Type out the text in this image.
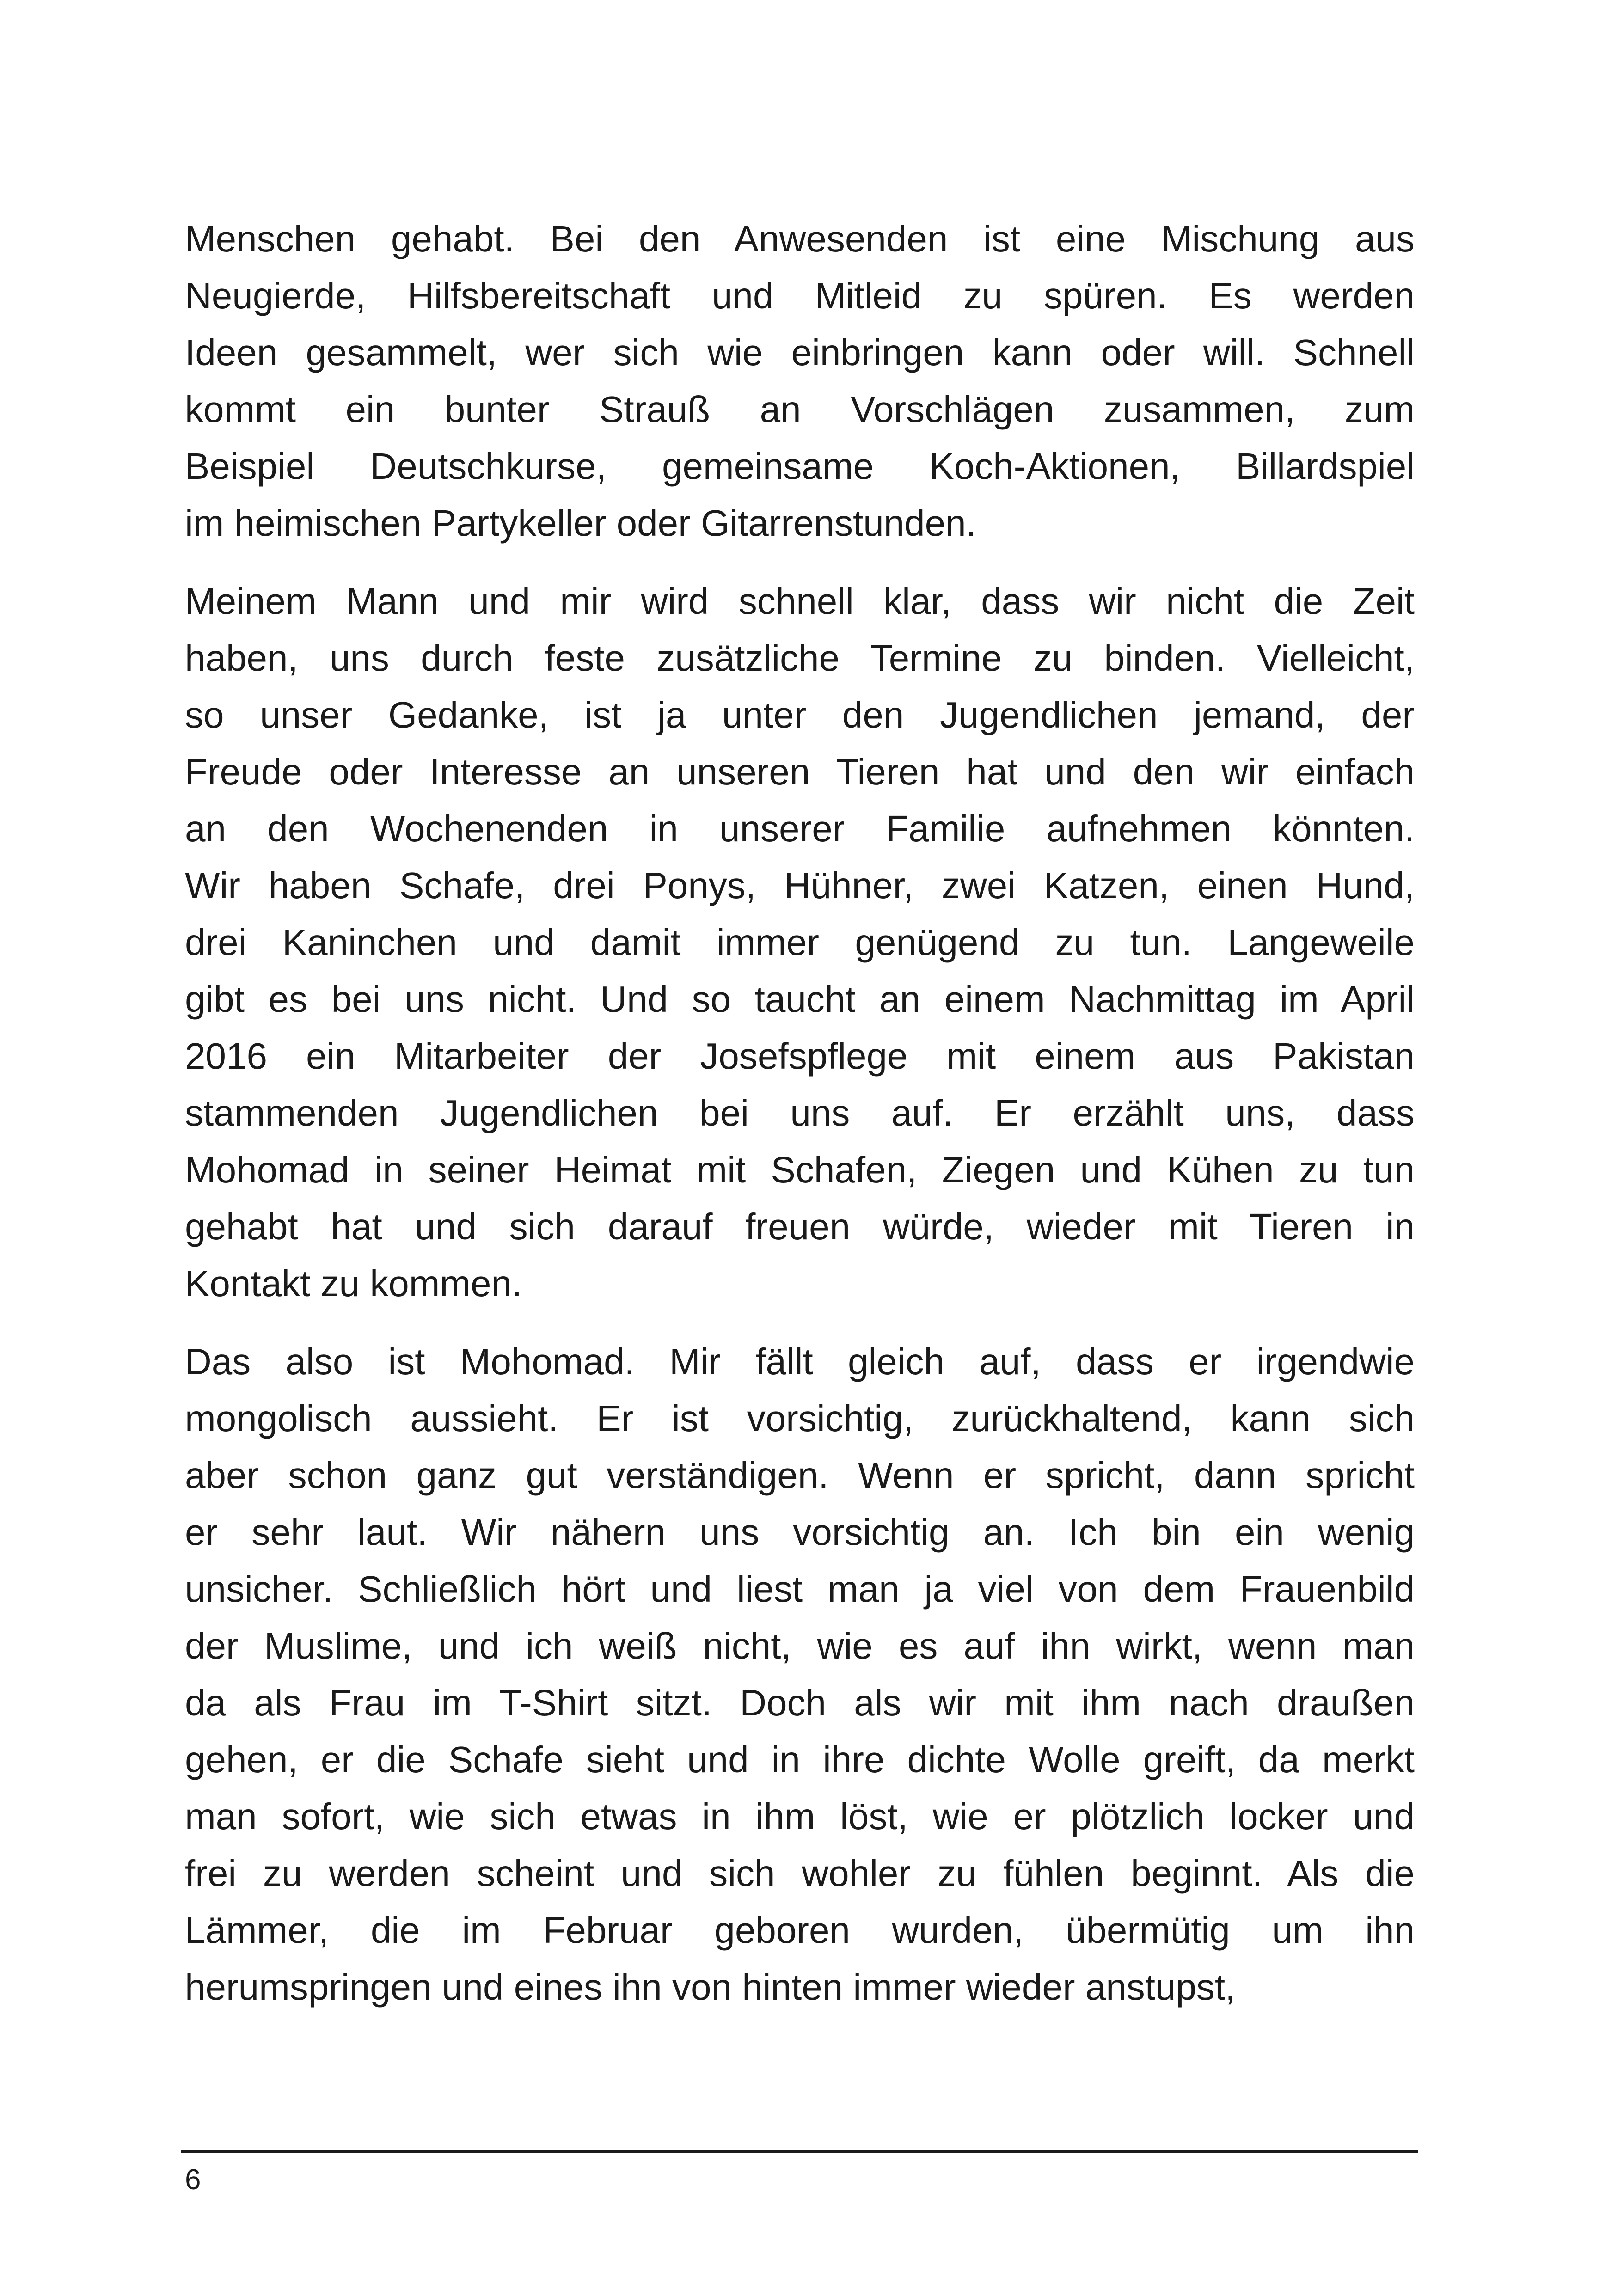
Menschen gehabt. Bei den Anwesenden ist eine Mischung aus
Neugierde, Hilfsbereitschaft und Mitleid zu spüren. Es werden
Ideen gesammelt, wer sich wie einbringen kann oder will. Schnell
kommt ein bunter Strauß an Vorschlägen zusammen, zum
Beispiel Deutschkurse, gemeinsame Koch-Aktionen, Billardspiel
im heimischen Partykeller oder Gitarrenstunden.
Meinem Mann und mir wird schnell klar, dass wir nicht die Zeit
haben, uns durch feste zusätzliche Termine zu binden. Vielleicht,
so unser Gedanke, ist ja unter den Jugendlichen jemand, der
Freude oder Interesse an unseren Tieren hat und den wir einfach
an den Wochenenden in unserer Familie aufnehmen könnten.
Wir haben Schafe, drei Ponys, Hühner, zwei Katzen, einen Hund,
drei Kaninchen und damit immer genügend zu tun. Langeweile
gibt es bei uns nicht. Und so taucht an einem Nachmittag im April
2016 ein Mitarbeiter der Josefspflege mit einem aus Pakistan
stammenden Jugendlichen bei uns auf. Er erzählt uns, dass
Mohomad in seiner Heimat mit Schafen, Ziegen und Kühen zu tun
gehabt hat und sich darauf freuen würde, wieder mit Tieren in
Kontakt zu kommen.
Das also ist Mohomad. Mir fällt gleich auf, dass er irgendwie
mongolisch aussieht. Er ist vorsichtig, zurückhaltend, kann sich
aber schon ganz gut verständigen. Wenn er spricht, dann spricht
er sehr laut. Wir nähern uns vorsichtig an. Ich bin ein wenig
unsicher. Schließlich hört und liest man ja viel von dem Frauenbild
der Muslime, und ich weiß nicht, wie es auf ihn wirkt, wenn man
da als Frau im T-Shirt sitzt. Doch als wir mit ihm nach draußen
gehen, er die Schafe sieht und in ihre dichte Wolle greift, da merkt
man sofort, wie sich etwas in ihm löst, wie er plötzlich locker und
frei zu werden scheint und sich wohler zu fühlen beginnt. Als die
Lämmer, die im Februar geboren wurden, übermütig um ihn
herumspringen und eines ihn von hinten immer wieder anstupst,
6
